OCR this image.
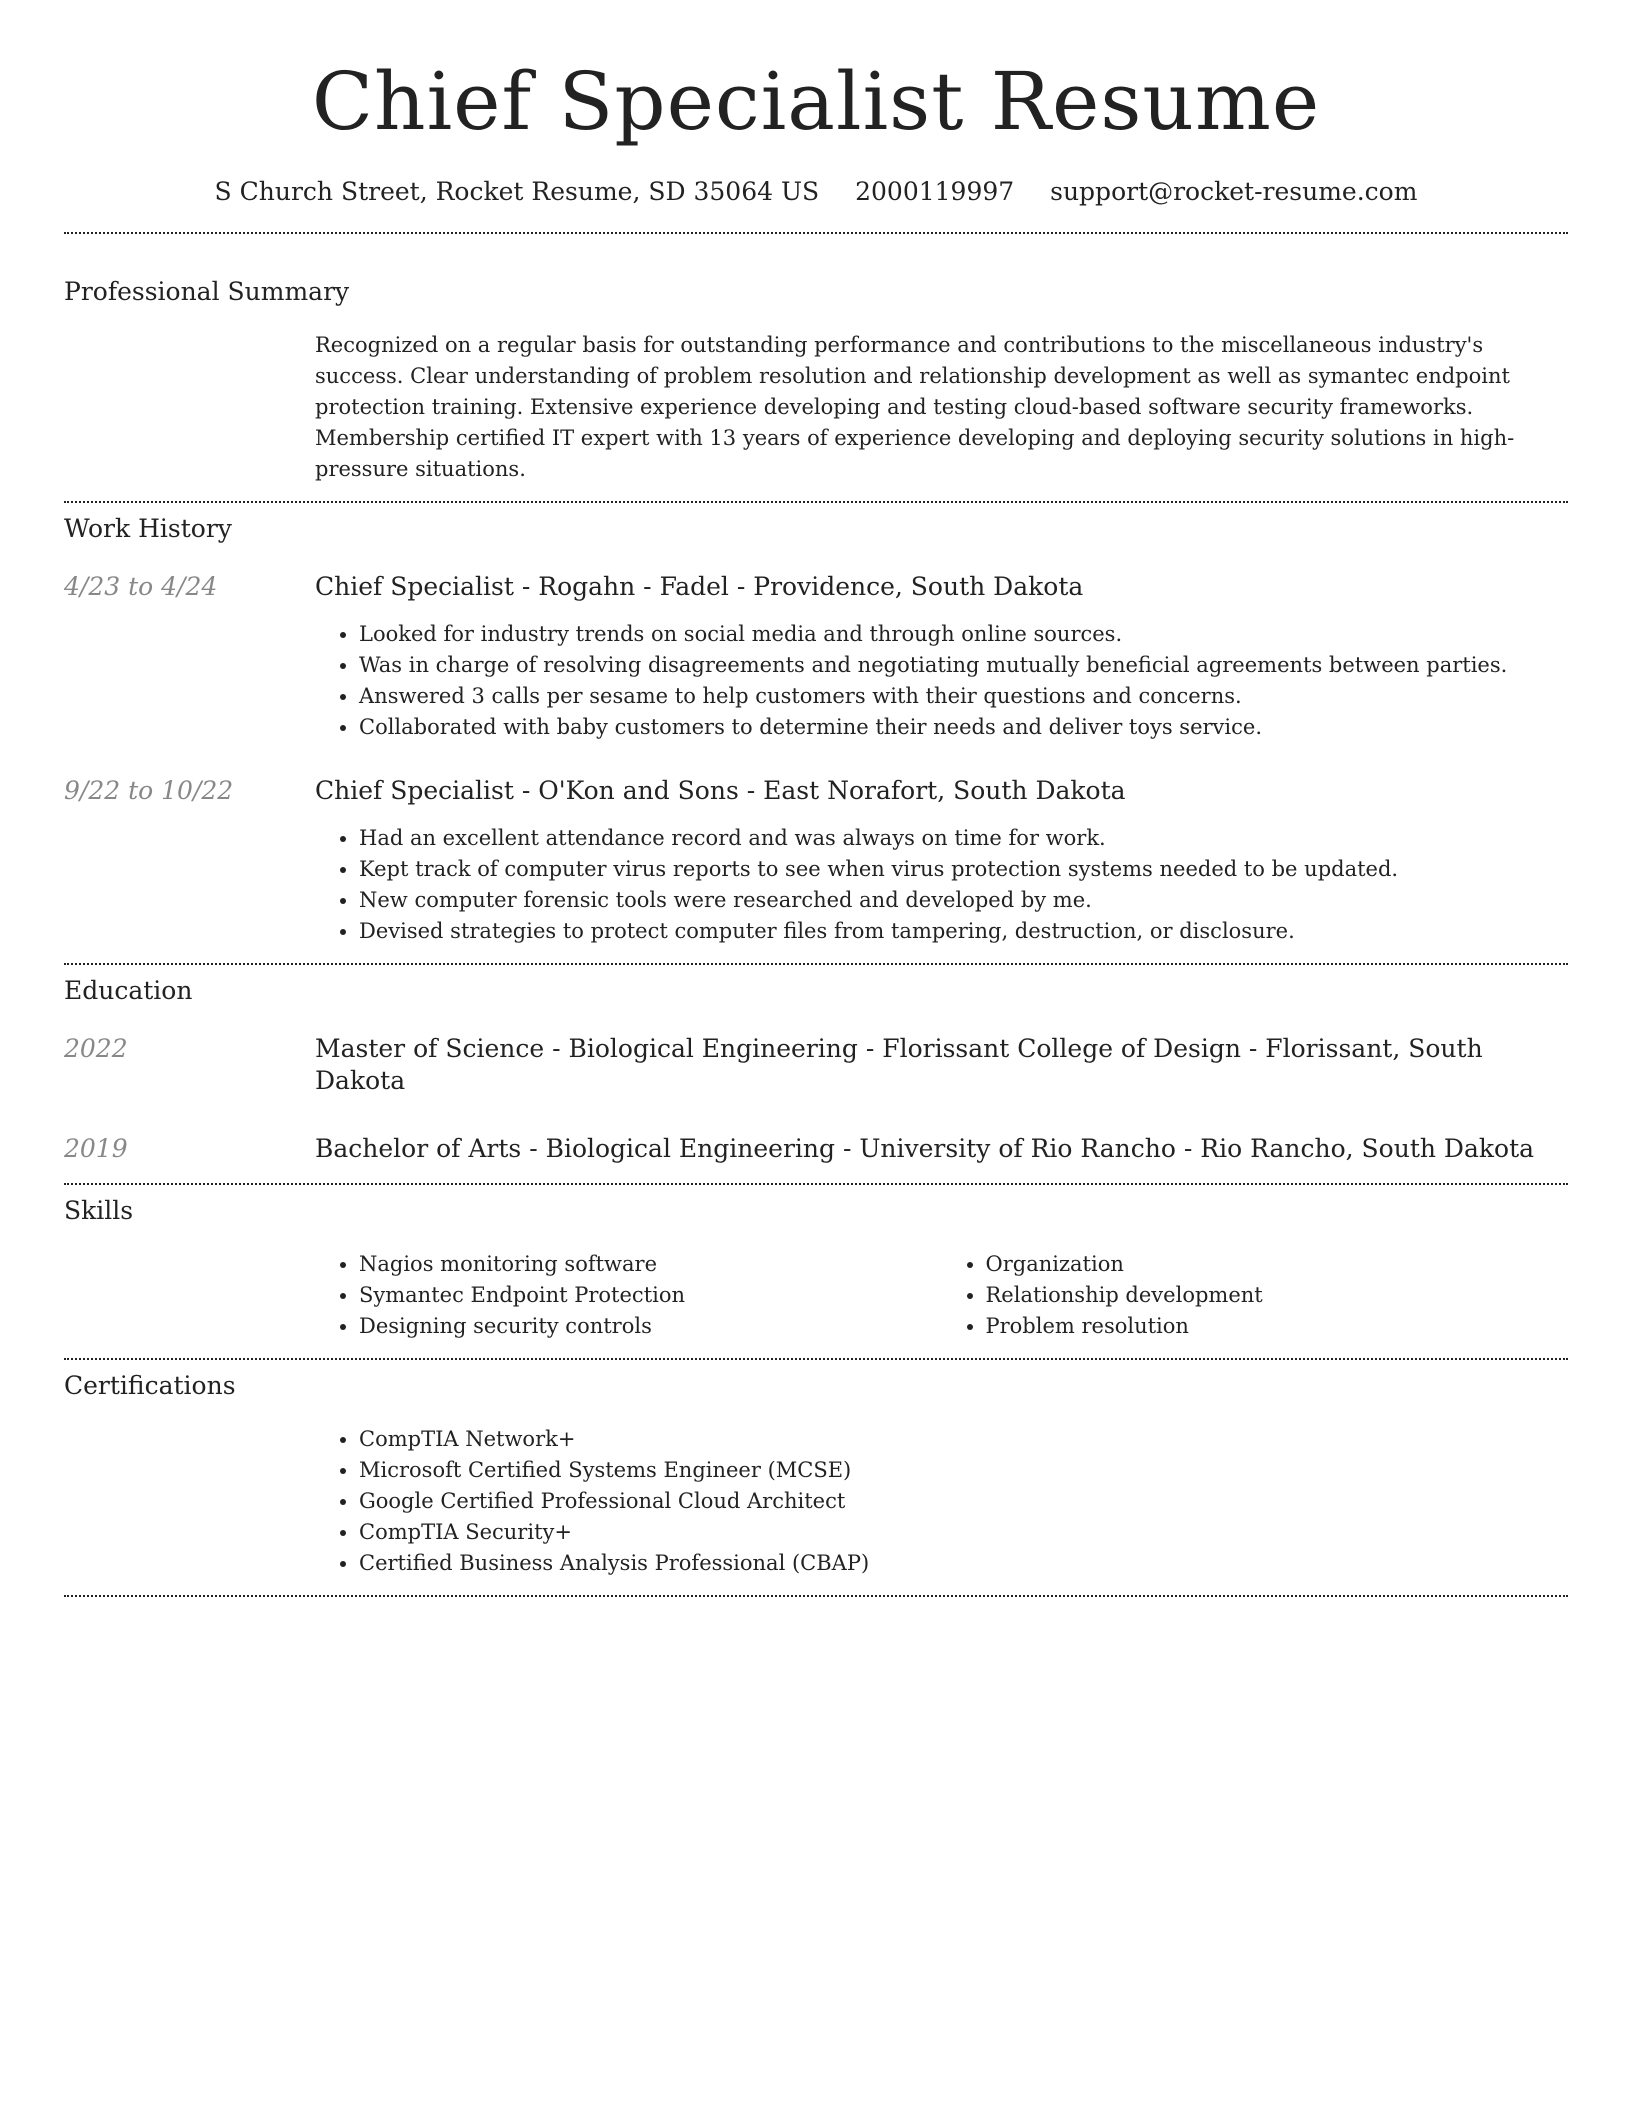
Chief Specialist Resume
S Church Street, Rocket Resume, SD 35064 US 2000119997 support@rocket-resume.com
Professional Summary

Recognized on a regular basis for outstanding performance and contributions to the miscellaneous industry's success. Clear understanding of problem resolution and relationship development as well as symantec endpoint protection training. Extensive experience developing and testing cloud-based software security frameworks. Membership certified IT expert with 13 years of experience developing and deploying security solutions in high-pressure situations.

Work History
4/23 to 4/24	Chief Specialist - Rogahn - Fadel - Providence, South Dakota
• Looked for industry trends on social media and through online sources.
• Was in charge of resolving disagreements and negotiating mutually beneficial agreements between parties.
• Answered 3 calls per sesame to help customers with their questions and concerns.
• Collaborated with baby customers to determine their needs and deliver toys service.
9/22 to 10/22	Chief Specialist - O'Kon and Sons - East Norafort, South Dakota
• Had an excellent attendance record and was always on time for work.
• Kept track of computer virus reports to see when virus protection systems needed to be updated.
• New computer forensic tools were researched and developed by me.
• Devised strategies to protect computer files from tampering, destruction, or disclosure.
Education
2022	Master of Science - Biological Engineering - Florissant College of Design - Florissant, South Dakota
2019	Bachelor of Arts - Biological Engineering - University of Rio Rancho - Rio Rancho, South Dakota
Skills
• Nagios monitoring software
• Symantec Endpoint Protection
• Designing security controls
• Organization
• Relationship development
• Problem resolution
Certifications
• CompTIA Network+
• Microsoft Certified Systems Engineer (MCSE)
• Google Certified Professional Cloud Architect
• CompTIA Security+
• Certified Business Analysis Professional (CBAP)
